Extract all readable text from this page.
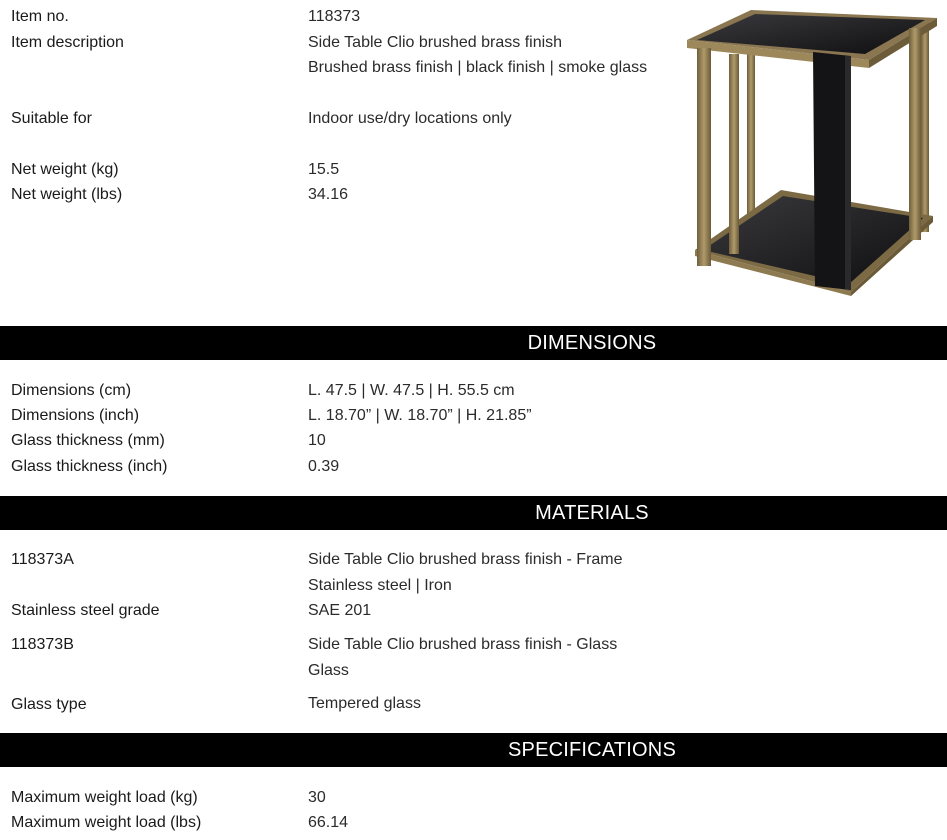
Item no.	118373
Item description	Side Table Clio brushed brass finish
Brushed brass finish | black finish | smoke glass
Suitable for	Indoor use/dry locations only
Net weight (kg)	15.5
Net weight (lbs)	34.16
DIMENSIONS
Dimensions (cm)	L. 47.5 | W. 47.5 | H. 55.5 cm
Dimensions (inch)	L. 18.70” | W. 18.70” | H. 21.85”
Glass thickness (mm)	10
Glass thickness (inch)	0.39
MATERIALS
118373A	Side Table Clio brushed brass finish - Frame
Stainless steel | Iron
Stainless steel grade	SAE 201
118373B	Side Table Clio brushed brass finish - Glass
Glass
Glass type	Tempered glass
SPECIFICATIONS
Maximum weight load (kg)	30
Maximum weight load (lbs)	66.14
